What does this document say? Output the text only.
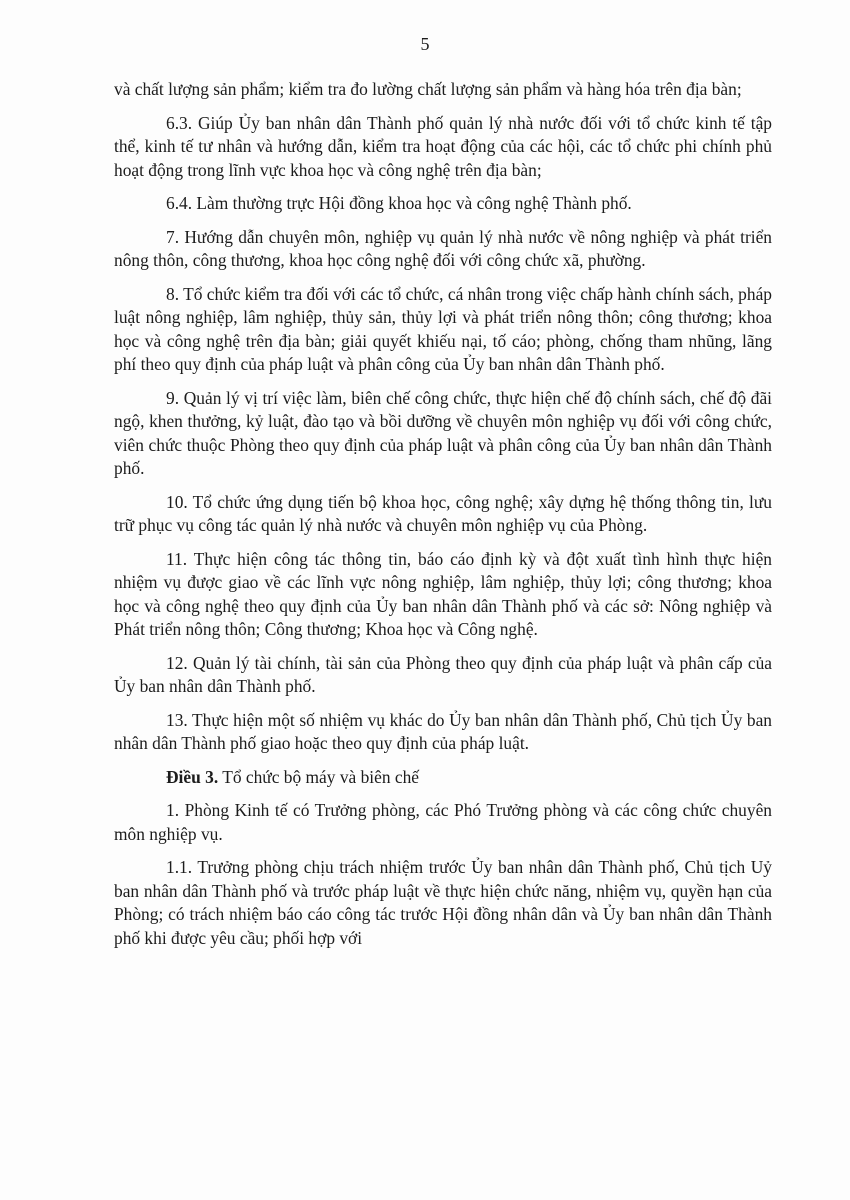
5

và chất lượng sản phẩm; kiểm tra đo lường chất lượng sản phẩm và hàng hóa trên địa bàn;

6.3. Giúp Ủy ban nhân dân Thành phố quản lý nhà nước đối với tổ chức kinh tế tập thể, kinh tế tư nhân và hướng dẫn, kiểm tra hoạt động của các hội, các tổ chức phi chính phủ hoạt động trong lĩnh vực khoa học và công nghệ trên địa bàn;

6.4. Làm thường trực Hội đồng khoa học và công nghệ Thành phố.

7. Hướng dẫn chuyên môn, nghiệp vụ quản lý nhà nước về nông nghiệp và phát triển nông thôn, công thương, khoa học công nghệ đối với công chức xã, phường.

8. Tổ chức kiểm tra đối với các tổ chức, cá nhân trong việc chấp hành chính sách, pháp luật nông nghiệp, lâm nghiệp, thủy sản, thủy lợi và phát triển nông thôn; công thương; khoa học và công nghệ trên địa bàn; giải quyết khiếu nại, tố cáo; phòng, chống tham nhũng, lãng phí theo quy định của pháp luật và phân công của Ủy ban nhân dân Thành phố.

9. Quản lý vị trí việc làm, biên chế công chức, thực hiện chế độ chính sách, chế độ đãi ngộ, khen thưởng, kỷ luật, đào tạo và bồi dưỡng về chuyên môn nghiệp vụ đối với công chức, viên chức thuộc Phòng theo quy định của pháp luật và phân công của Ủy ban nhân dân Thành phố.

10. Tổ chức ứng dụng tiến bộ khoa học, công nghệ; xây dựng hệ thống thông tin, lưu trữ phục vụ công tác quản lý nhà nước và chuyên môn nghiệp vụ của Phòng.

11. Thực hiện công tác thông tin, báo cáo định kỳ và đột xuất tình hình thực hiện nhiệm vụ được giao về các lĩnh vực nông nghiệp, lâm nghiệp, thủy lợi; công thương; khoa học và công nghệ theo quy định của Ủy ban nhân dân Thành phố và các sở: Nông nghiệp và Phát triển nông thôn; Công thương; Khoa học và Công nghệ.

12. Quản lý tài chính, tài sản của Phòng theo quy định của pháp luật và phân cấp của Ủy ban nhân dân Thành phố.

13. Thực hiện một số nhiệm vụ khác do Ủy ban nhân dân Thành phố, Chủ tịch Ủy ban nhân dân Thành phố giao hoặc theo quy định của pháp luật.

Điều 3. Tổ chức bộ máy và biên chế

1. Phòng Kinh tế có Trưởng phòng, các Phó Trưởng phòng và các công chức chuyên môn nghiệp vụ.

1.1. Trưởng phòng chịu trách nhiệm trước Ủy ban nhân dân Thành phố, Chủ tịch Uỷ ban nhân dân Thành phố và trước pháp luật về thực hiện chức năng, nhiệm vụ, quyền hạn của Phòng; có trách nhiệm báo cáo công tác trước Hội đồng nhân dân và Ủy ban nhân dân Thành phố khi được yêu cầu; phối hợp với
